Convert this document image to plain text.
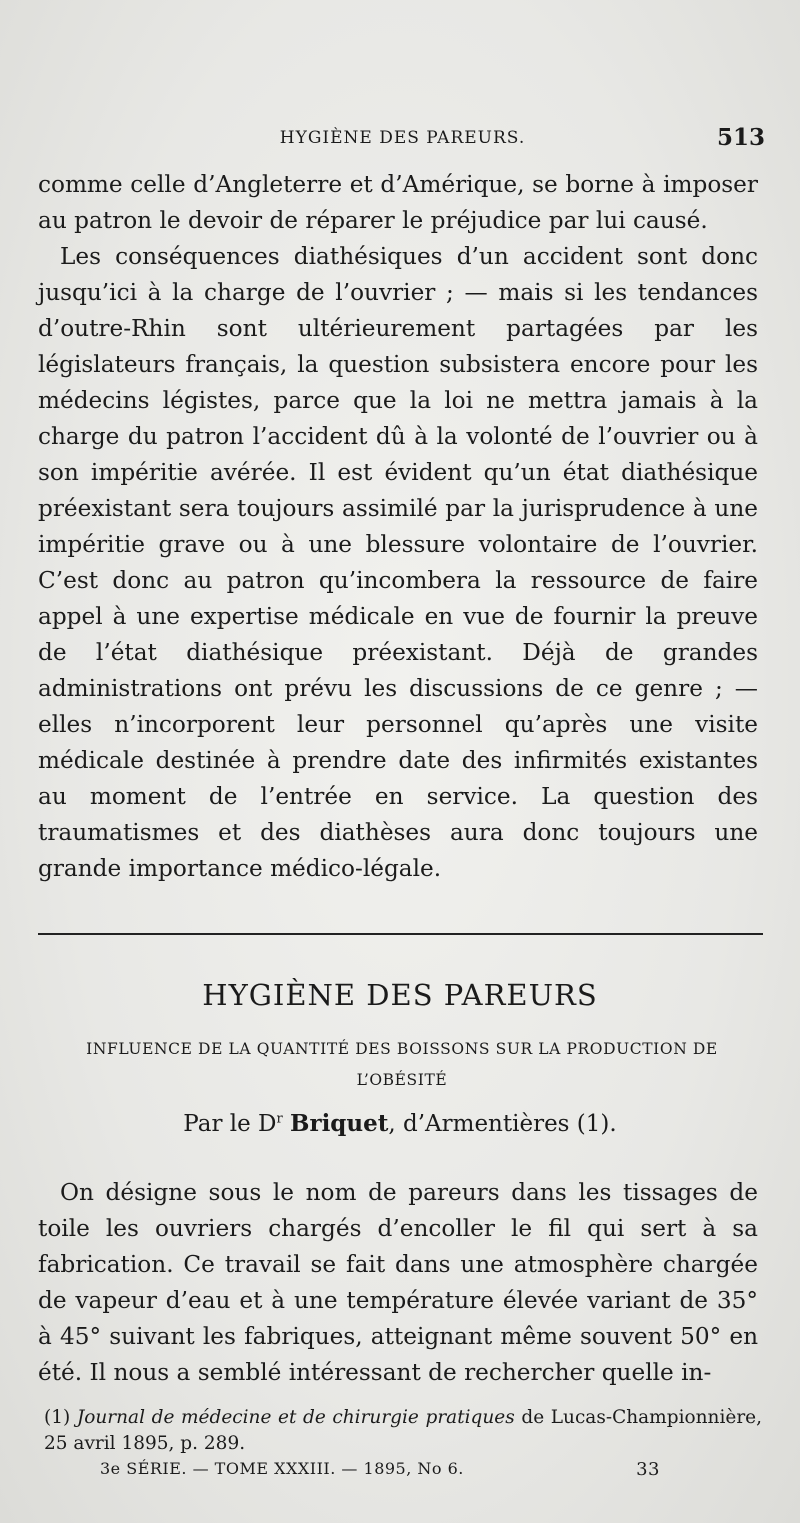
HYGIÈNE DES PAREURS.	513

comme celle d’Angleterre et d’Amérique, se borne à imposer au patron le devoir de réparer le préjudice par lui causé.

Les conséquences diathésiques d’un accident sont donc jusqu’ici à la charge de l’ouvrier ; — mais si les tendances d’outre-Rhin sont ultérieurement partagées par les législateurs français, la question subsistera encore pour les médecins légistes, parce que la loi ne mettra jamais à la charge du patron l’accident dû à la volonté de l’ouvrier ou à son impéritie avérée. Il est évident qu’un état diathésique préexistant sera toujours assimilé par la jurisprudence à une impéritie grave ou à une blessure volontaire de l’ouvrier. C’est donc au patron qu’incombera la ressource de faire appel à une expertise médicale en vue de fournir la preuve de l’état diathésique préexistant. Déjà de grandes administrations ont prévu les discussions de ce genre ; — elles n’incorporent leur personnel qu’après une visite médicale destinée à prendre date des infirmités existantes au moment de l’entrée en service. La question des traumatismes et des diathèses aura donc toujours une grande importance médico-légale.

HYGIÈNE DES PAREURS
INFLUENCE DE LA QUANTITÉ DES BOISSONS SUR LA PRODUCTION DE L’OBÉSITÉ
Par le $D^r$ Briquet, d’Armentières (1).

On désigne sous le nom de pareurs dans les tissages de toile les ouvriers chargés d’encoller le fil qui sert à sa fabrication. Ce travail se fait dans une atmosphère chargée de vapeur d’eau et à une température élevée variant de 35° à 45° suivant les fabriques, atteignant même souvent 50° en été. Il nous a semblé intéressant de rechercher quelle in-

(1) Journal de médecine et de chirurgie pratiques de Lucas-Championnière, 25 avril 1895, p. 289.
3e SÉRIE. — TOME XXXIII. — 1895, No 6.	33
